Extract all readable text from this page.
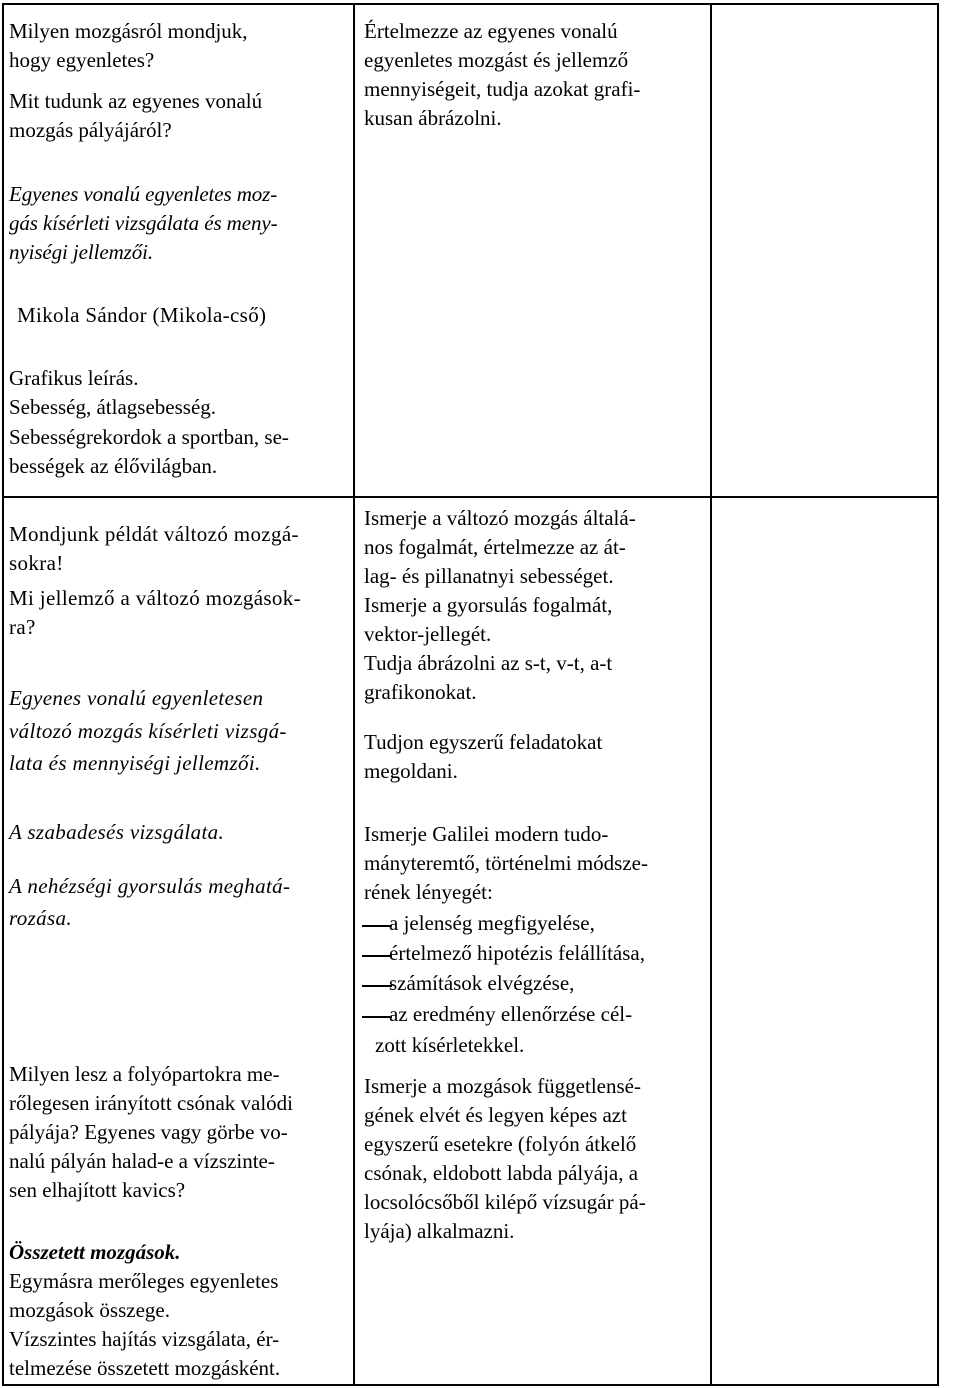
Milyen mozgásról mondjuk,

hogy egyenletes?

Mit tudunk az egyenes vonalú

mozgás pályájáról?

Egyenes vonalú egyenletes moz-

gás kísérleti vizsgálata és meny-

nyiségi jellemzői.

Mikola Sándor (Mikola-cső)

Grafikus leírás.

Sebesség, átlagsebesség.

Sebességrekordok a sportban, se-

bességek az élővilágban.

Mondjunk példát változó mozgá-

sokra!

Mi jellemző a változó mozgások-

ra?

Egyenes vonalú egyenletesen

változó mozgás kísérleti vizsgá-

lata és mennyiségi jellemzői.

A szabadesés vizsgálata.

A nehézségi gyorsulás meghatá-

rozása.

Milyen lesz a folyópartokra me-

rőlegesen irányított csónak valódi

pályája? Egyenes vagy görbe vo-

nalú pályán halad-e a vízszinte-

sen elhajított kavics?

Összetett mozgások.

Egymásra merőleges egyenletes

mozgások összege.

Vízszintes hajítás vizsgálata, ér-

telmezése összetett mozgásként.

Értelmezze az egyenes vonalú

egyenletes mozgást és jellemző

mennyiségeit, tudja azokat grafi-

kusan ábrázolni.

Ismerje a változó mozgás általá-

nos fogalmát, értelmezze az át-

lag- és pillanatnyi sebességet.

Ismerje a gyorsulás fogalmát,

vektor-jellegét.

Tudja ábrázolni az s-t, v-t, a-t

grafikonokat.

Tudjon egyszerű feladatokat

megoldani.

Ismerje Galilei modern tudo-

mányteremtő, történelmi módsze-

rének lényegét:

a jelenség megfigyelése,

értelmező hipotézis felállítása,

számítások elvégzése,

az eredmény ellenőrzése cél-

zott kísérletekkel.

Ismerje a mozgások függetlensé-

gének elvét és legyen képes azt

egyszerű esetekre (folyón átkelő

csónak, eldobott labda pályája, a

locsolócsőből kilépő vízsugár pá-

lyája) alkalmazni.
